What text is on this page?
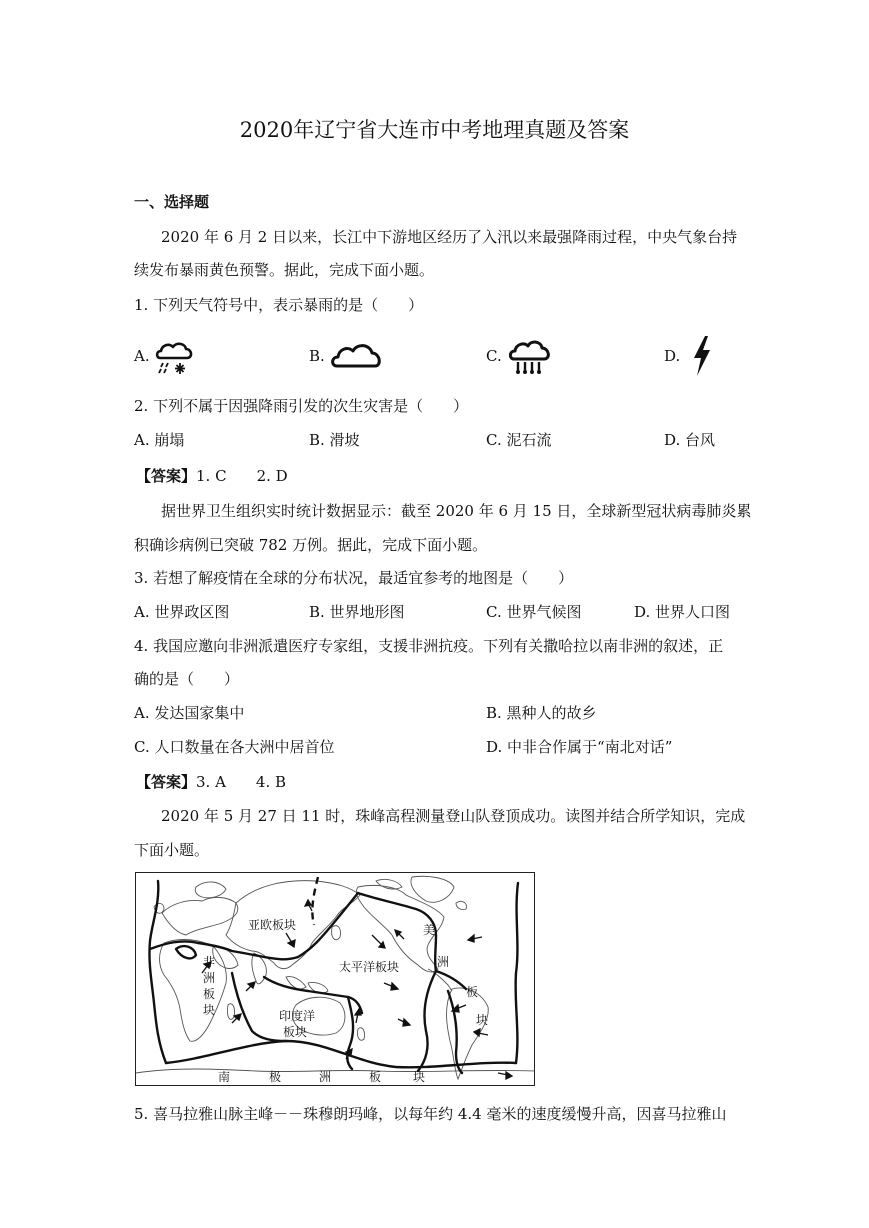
2020年辽宁省大连市中考地理真题及答案
一、选择题
2020 年 6 月 2 日以来，长江中下游地区经历了入汛以来最强降雨过程，中央气象台持
续发布暴雨黄色预警。据此，完成下面小题。
1. 下列天气符号中，表示暴雨的是（　　）
A.	B.	C.	D.
2. 下列不属于因强降雨引发的次生灾害是（　　）
A. 崩塌	B. 滑坡	C. 泥石流	D. 台风
【答案】1. C　　2. D
据世界卫生组织实时统计数据显示：截至 2020 年 6 月 15 日，全球新型冠状病毒肺炎累
积确诊病例已突破 782 万例。据此，完成下面小题。
3. 若想了解疫情在全球的分布状况，最适宜参考的地图是（　　）
A. 世界政区图	B. 世界地形图	C. 世界气候图	D. 世界人口图
4. 我国应邀向非洲派遣医疗专家组，支援非洲抗疫。下列有关撒哈拉以南非洲的叙述，正
确的是（　　）
A. 发达国家集中	B. 黑种人的故乡
C. 人口数量在各大洲中居首位	D. 中非合作属于“南北对话”
【答案】3. A　　4. B
2020 年 5 月 27 日 11 时，珠峰高程测量登山队登顶成功。读图并结合所学知识，完成
下面小题。
亚欧板块
太平洋板块
美
洲
板
块
非
洲
板
块	印度洋
板块
南	极	洲	板	块
5. 喜马拉雅山脉主峰－－珠穆朗玛峰，以每年约 4.4 毫米的速度缓慢升高，因喜马拉雅山
